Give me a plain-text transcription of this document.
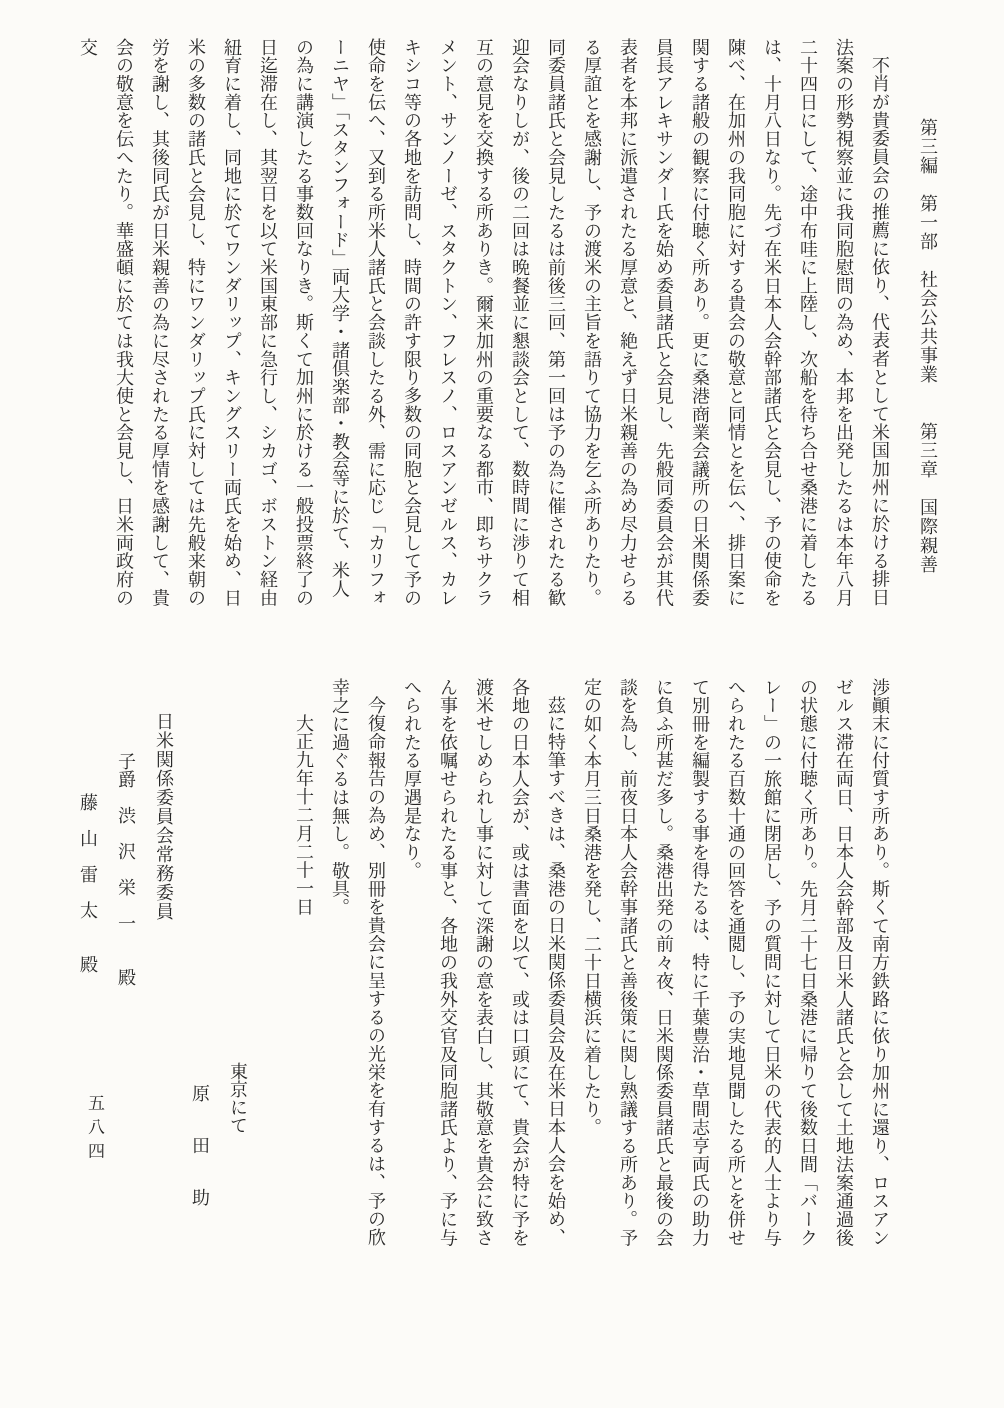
第三編　第一部　社会公共事業　　第三章　国際親善

不肖が貴委員会の推薦に依り、代表者として米国加州に於ける排日法案の形勢視察並に我同胞慰問の為め、本邦を出発したるは本年八月二十四日にして、途中布哇に上陸し、次船を待ち合せ桑港に着したるは、十月八日なり。先づ在米日本人会幹部諸氏と会見し、予の使命を陳べ、在加州の我同胞に対する貴会の敬意と同情とを伝へ、排日案に関する諸般の観察に付聴く所あり。更に桑港商業会議所の日米関係委員長アレキサンダー氏を始め委員諸氏と会見し、先般同委員会が其代表者を本邦に派遣されたる厚意と、絶えず日米親善の為め尽力せらるる厚誼とを感謝し、予の渡米の主旨を語りて協力を乞ふ所ありたり。同委員諸氏と会見したるは前後三回、第一回は予の為に催されたる歓迎会なりしが、後の二回は晩餐並に懇談会として、数時間に渉りて相互の意見を交換する所ありき。爾来加州の重要なる都市、即ちサクラメント、サンノーゼ、スタクトン、フレスノ、ロスアンゼルス、カレキシコ等の各地を訪問し、時間の許す限り多数の同胞と会見して予の使命を伝へ、又到る所米人諸氏と会談したる外、需に応じ「カリフォーニヤ」「スタンフォード」両大学・諸倶楽部・教会等に於て、米人の為に講演したる事数回なりき。斯くて加州に於ける一般投票終了の日迄滞在し、其翌日を以て米国東部に急行し、シカゴ、ボストン経由紐育に着し、同地に於てワンダリップ、キングスリー両氏を始め、日米の多数の諸氏と会見し、特にワンダリップ氏に対しては先般来朝の労を謝し、其後同氏が日米親善の為に尽されたる厚情を感謝して、貴会の敬意を伝へたり。華盛頓に於ては我大使と会見し、日米両政府の交

渉顚末に付質す所あり。斯くて南方鉄路に依り加州に還り、ロスアンゼルス滞在両日、日本人会幹部及日米人諸氏と会して土地法案通過後の状態に付聴く所あり。先月二十七日桑港に帰りて後数日間「バークレー」の一旅館に閉居し、予の質問に対して日米の代表的人士より与へられたる百数十通の回答を通閲し、予の実地見聞したる所とを併せて別冊を編製する事を得たるは、特に千葉豊治・草間志亨両氏の助力に負ふ所甚だ多し。桑港出発の前々夜、日米関係委員諸氏と最後の会談を為し、前夜日本人会幹事諸氏と善後策に関し熟議する所あり。予定の如く本月三日桑港を発し、二十日横浜に着したり。

茲に特筆すべきは、桑港の日米関係委員会及在米日本人会を始め、各地の日本人会が、或は書面を以て、或は口頭にて、貴会が特に予を渡米せしめられし事に対して深謝の意を表白し、其敬意を貴会に致さん事を依嘱せられたる事と、各地の我外交官及同胞諸氏より、予に与へられたる厚遇是なり。

今復命報告の為め、別冊を貴会に呈するの光栄を有するは、予の欣幸之に過ぐるは無し。敬具。

大正九年十二月二十一日

東京にて
原　田　助
日米関係委員会常務委員
子爵　渋　沢　栄　一　　殿
藤　山　雷　太　　殿
五八四
